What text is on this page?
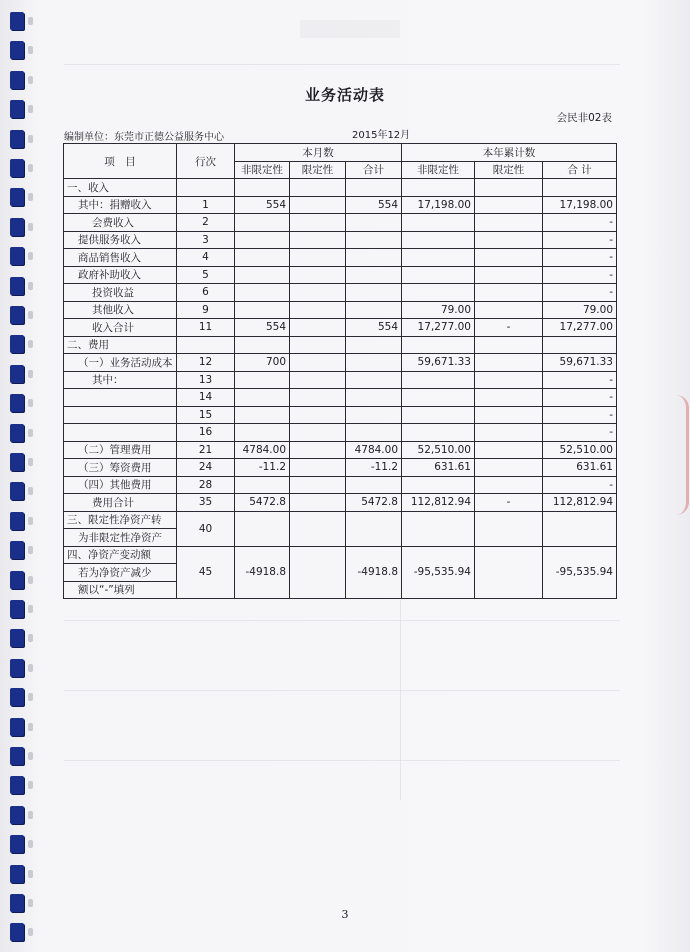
业务活动表
会民非02表
编制单位：东莞市正德公益服务中心	2015年12月
项　目	行次	本月数			本年累计数		
		非限定性	限定性	合计	非限定性	限定性	合 计
一、收入							
其中：捐赠收入	1	554		554	17,198.00		17,198.00
会费收入	2						-
提供服务收入	3						-
商品销售收入	4						-
政府补助收入	5						-
投资收益	6						-
其他收入	9				79.00		79.00
收入合计	11	554		554	17,277.00	-	17,277.00
二、费用							
（一）业务活动成本	12	700			59,671.33		59,671.33
其中：	13						-
	14						-
	15						-
	16						-
（二）管理费用	21	4784.00		4784.00	52,510.00		52,510.00
（三）筹资费用	24	-11.2		-11.2	631.61		631.61
（四）其他费用	28						-
费用合计	35	5472.8		5472.8	112,812.94	-	112,812.94
三、限定性净资产转	40						
为非限定性净资产							
四、净资产变动额	45	-4918.8		-4918.8	-95,535.94		-95,535.94
若为净资产减少							
额以“-”填列							
3
